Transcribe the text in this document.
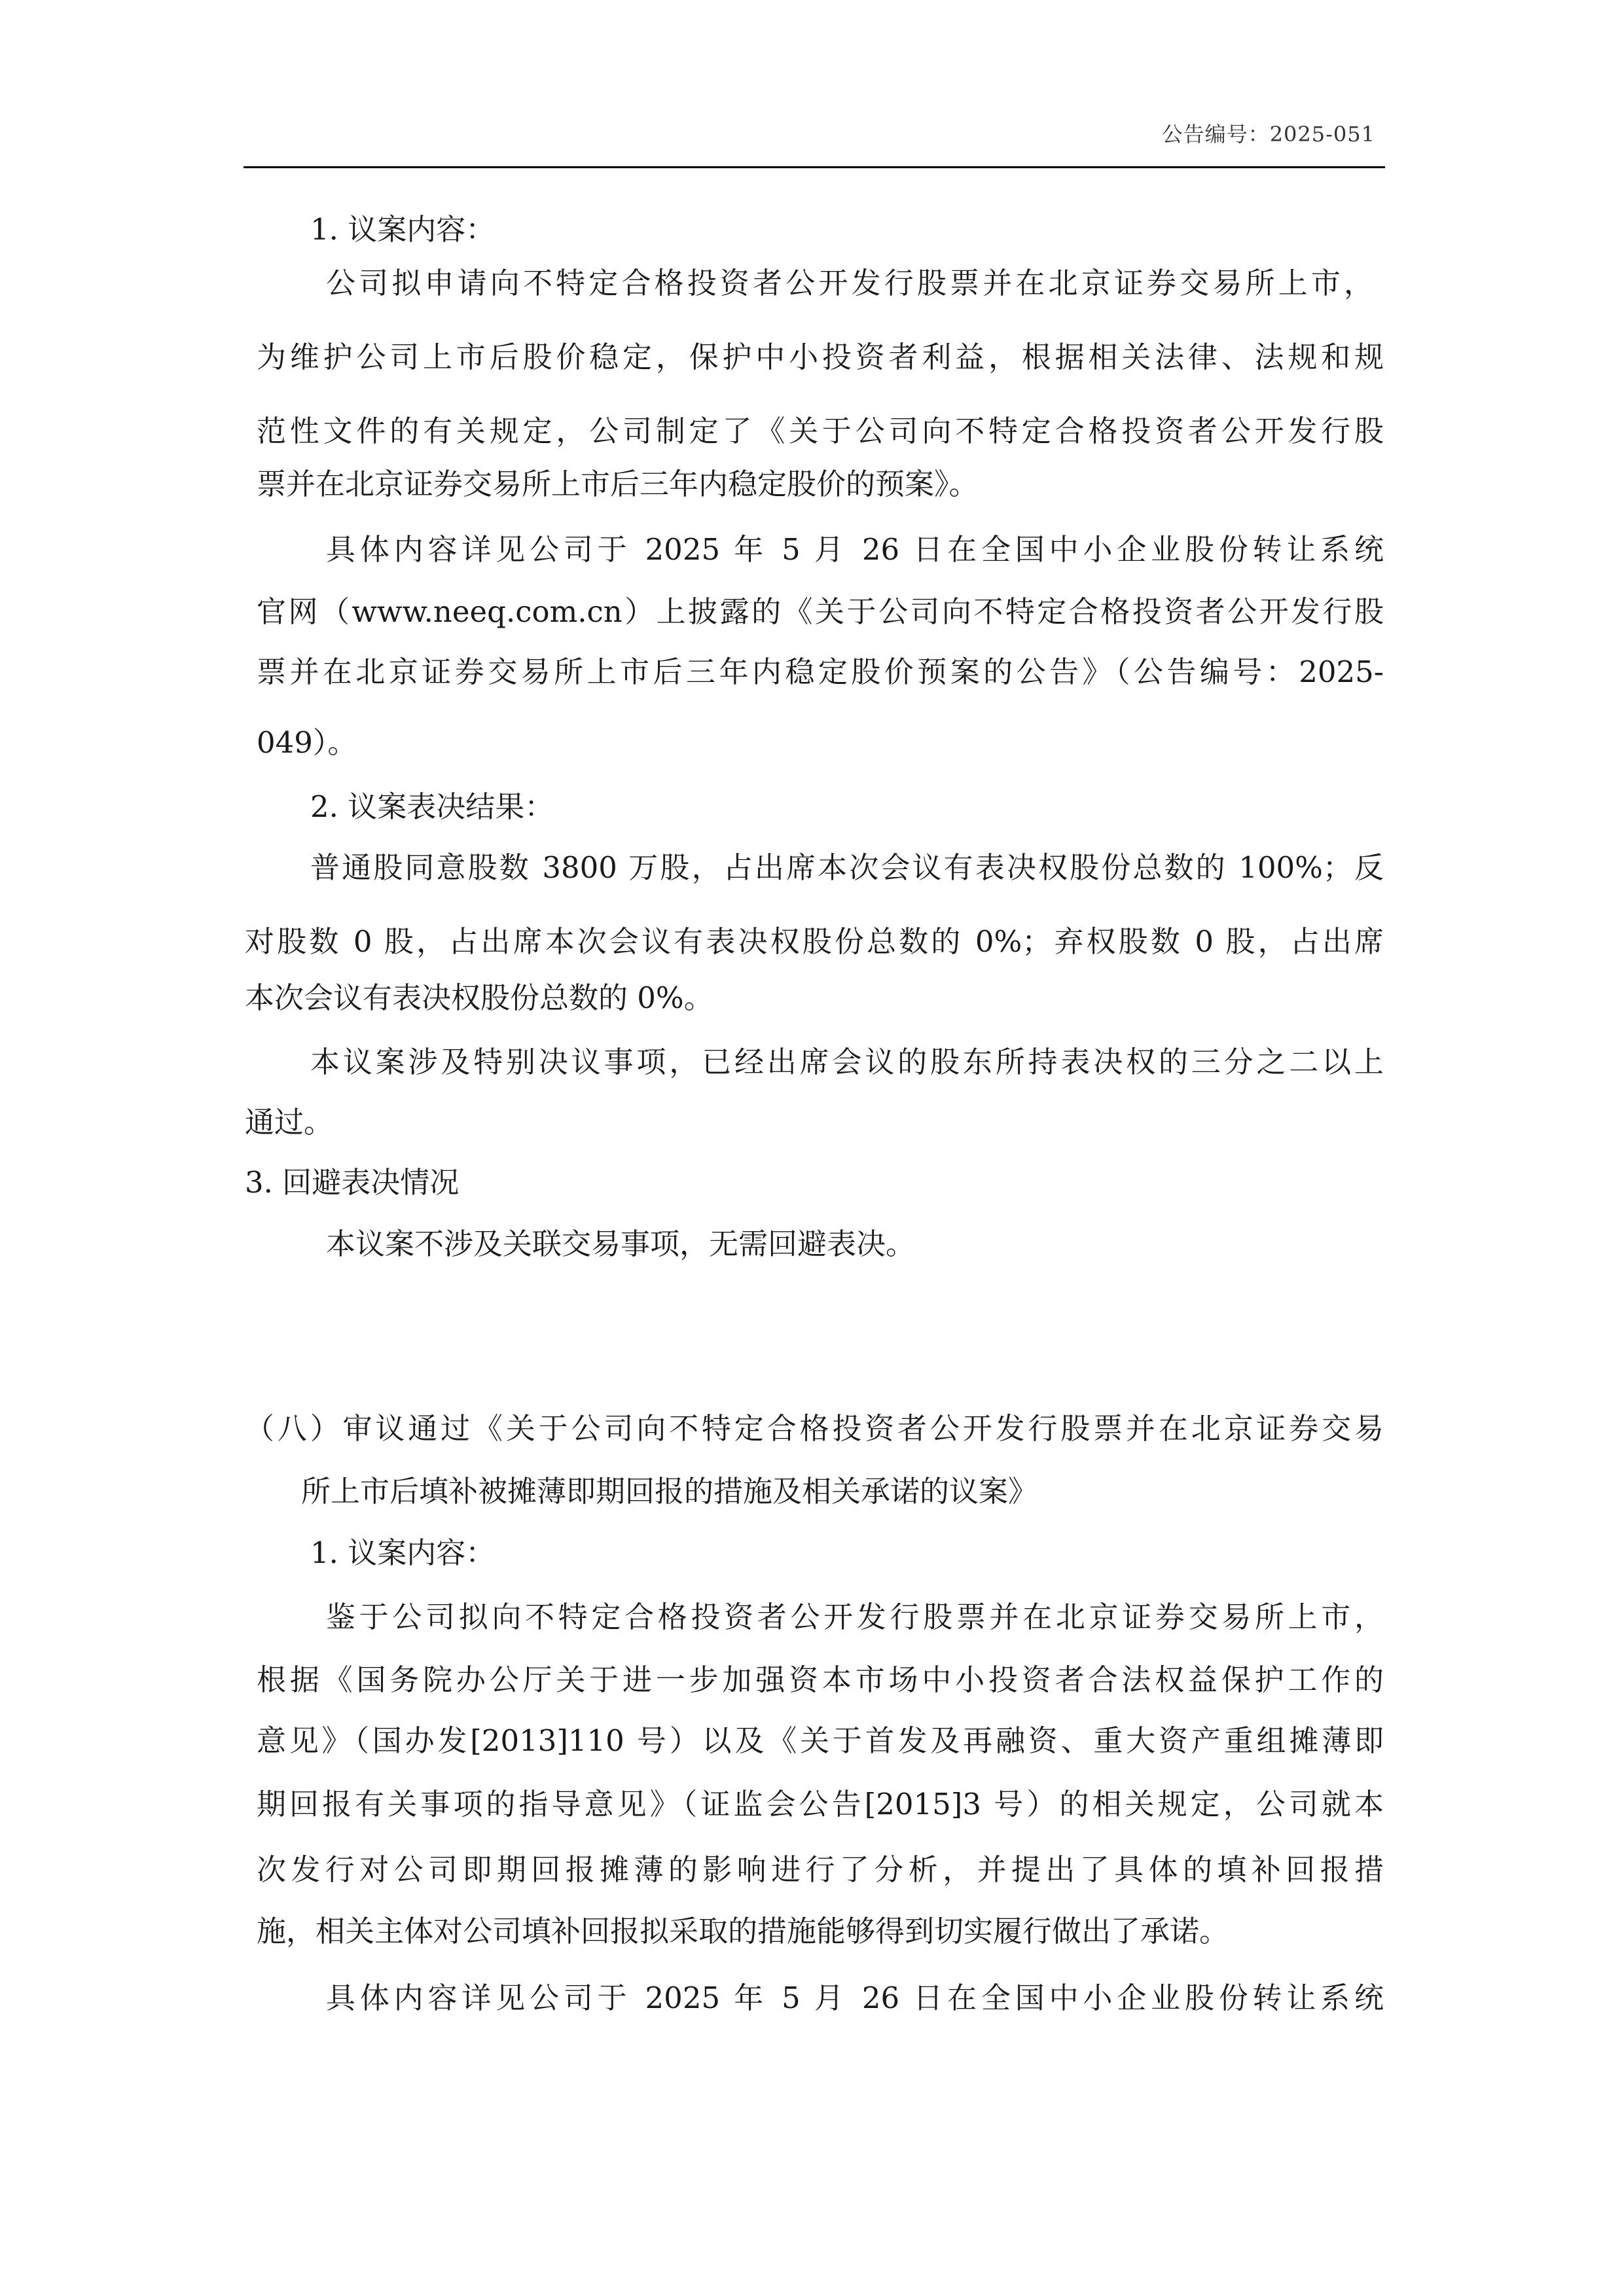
公告编号：2025-051
1. 议案内容：
公司拟申请向不特定合格投资者公开发行股票并在北京证券交易所上市，
为维护公司上市后股价稳定，保护中小投资者利益，根据相关法律、法规和规
范性文件的有关规定，公司制定了《关于公司向不特定合格投资者公开发行股
票并在北京证券交易所上市后三年内稳定股价的预案》。
具体内容详见公司于 2025 年 5 月 26 日在全国中小企业股份转让系统
官网（www.neeq.com.cn）上披露的《关于公司向不特定合格投资者公开发行股
票并在北京证券交易所上市后三年内稳定股价预案的公告》（公告编号：2025-
049）。
2. 议案表决结果：
普通股同意股数 3800 万股，占出席本次会议有表决权股份总数的 100%；反
对股数 0 股，占出席本次会议有表决权股份总数的 0%；弃权股数 0 股，占出席
本次会议有表决权股份总数的 0%。
本议案涉及特别决议事项，已经出席会议的股东所持表决权的三分之二以上
通过。
3. 回避表决情况
本议案不涉及关联交易事项，无需回避表决。
（八）审议通过《关于公司向不特定合格投资者公开发行股票并在北京证券交易
所上市后填补被摊薄即期回报的措施及相关承诺的议案》
1. 议案内容：
鉴于公司拟向不特定合格投资者公开发行股票并在北京证券交易所上市，
根据《国务院办公厅关于进一步加强资本市场中小投资者合法权益保护工作的
意见》（国办发[2013]110 号）以及《关于首发及再融资、重大资产重组摊薄即
期回报有关事项的指导意见》（证监会公告[2015]3 号）的相关规定，公司就本
次发行对公司即期回报摊薄的影响进行了分析，并提出了具体的填补回报措
施，相关主体对公司填补回报拟采取的措施能够得到切实履行做出了承诺。
具体内容详见公司于 2025 年 5 月 26 日在全国中小企业股份转让系统
